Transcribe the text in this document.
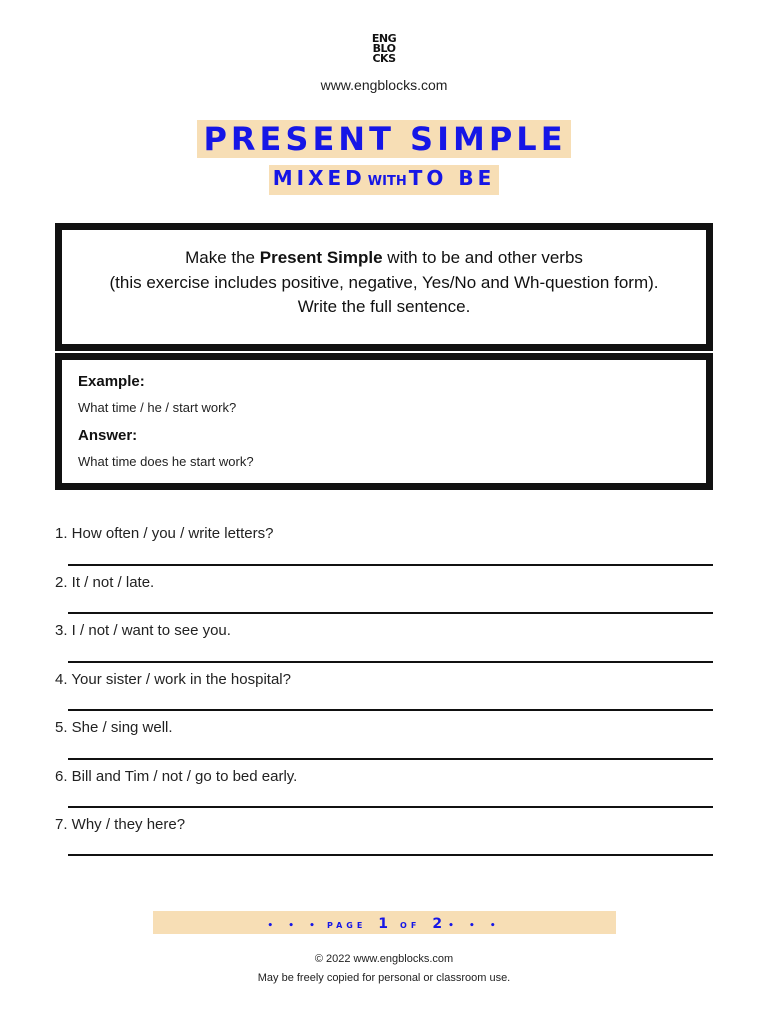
ENG
BLO
CKS
www.engblocks.com
PRESENT SIMPLE
MIXED WITH TO BE

Make the Present Simple with to be and other verbs

(this exercise includes positive, negative, Yes/No and Wh-question form).

Write the full sentence.

Example:
What time / he / start work?
Answer:
What time does he start work?
1. How often / you / write letters?
2. It / not / late.
3. I / not / want to see you.
4. Your sister / work in the hospital?
5. She / sing well.
6. Bill and Tim / not / go to bed early.
7. Why / they here?
• • • PAGE 1 OF 2 • • •
© 2022 www.engblocks.com
May be freely copied for personal or classroom use.
